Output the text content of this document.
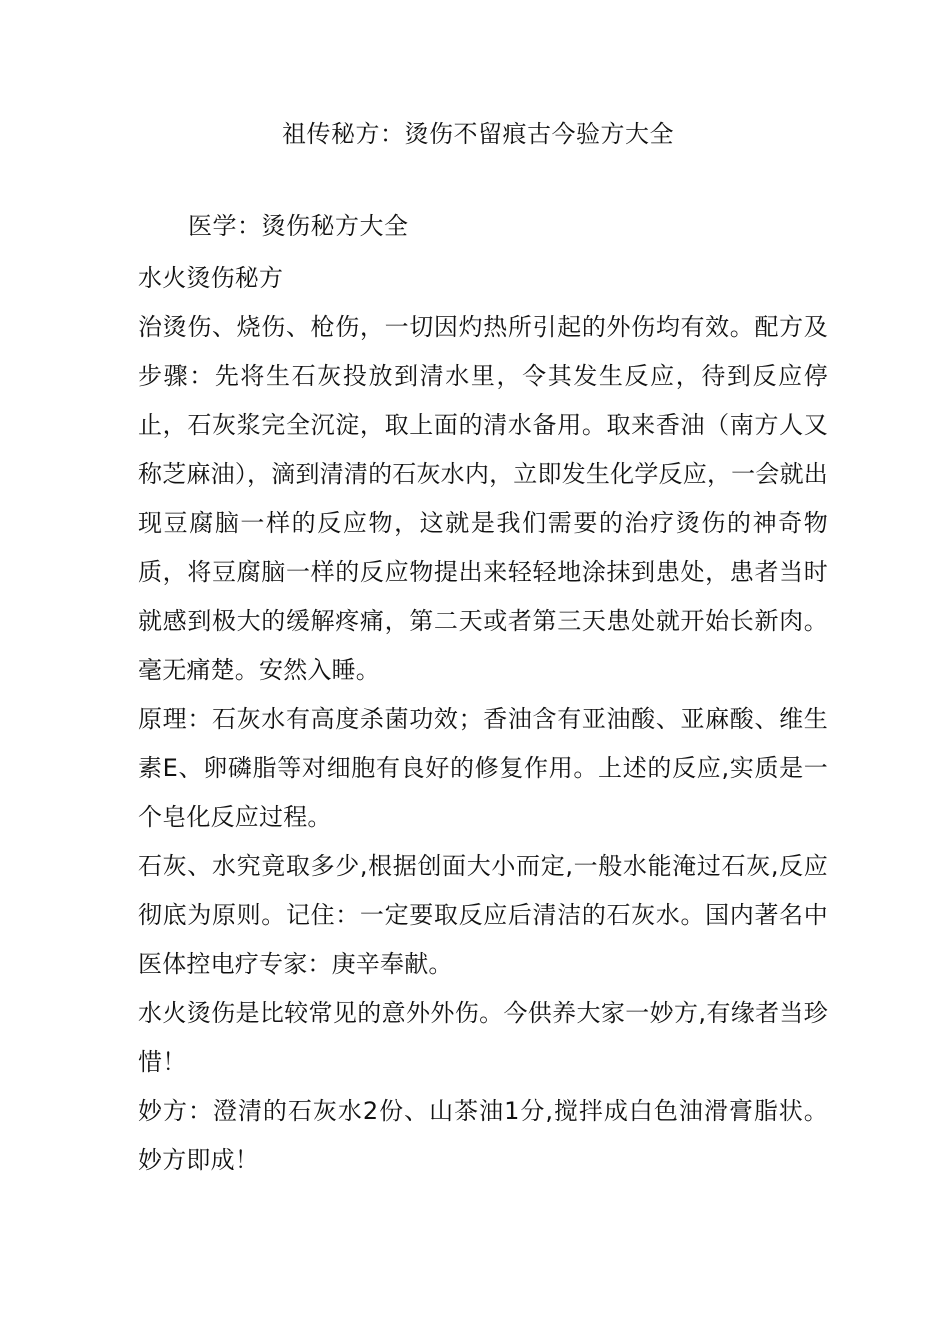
祖传秘方：烫伤不留痕古今验方大全
医学：烫伤秘方大全

水火烫伤秘方

治烫伤、烧伤、枪伤，一切因灼热所引起的外伤均有效。配方及步骤：先将生石灰投放到清水里，令其发生反应，待到反应停止，石灰浆完全沉淀，取上面的清水备用。取来香油（南方人又称芝麻油），滴到清清的石灰水内，立即发生化学反应，一会就出现豆腐脑一样的反应物，这就是我们需要的治疗烫伤的神奇物质，将豆腐脑一样的反应物提出来轻轻地涂抹到患处，患者当时就感到极大的缓解疼痛，第二天或者第三天患处就开始长新肉。毫无痛楚。安然入睡。

原理：石灰水有高度杀菌功效；香油含有亚油酸、亚麻酸、维生素E、卵磷脂等对细胞有良好的修复作用。上述的反应,实质是一个皂化反应过程。

石灰、水究竟取多少,根据创面大小而定,一般水能淹过石灰,反应彻底为原则。记住：一定要取反应后清洁的石灰水。国内著名中医体控电疗专家：庚辛奉献。

水火烫伤是比较常见的意外外伤。今供养大家一妙方,有缘者当珍惜！

妙方：澄清的石灰水2份、山茶油1分,搅拌成白色油滑膏脂状。妙方即成！
